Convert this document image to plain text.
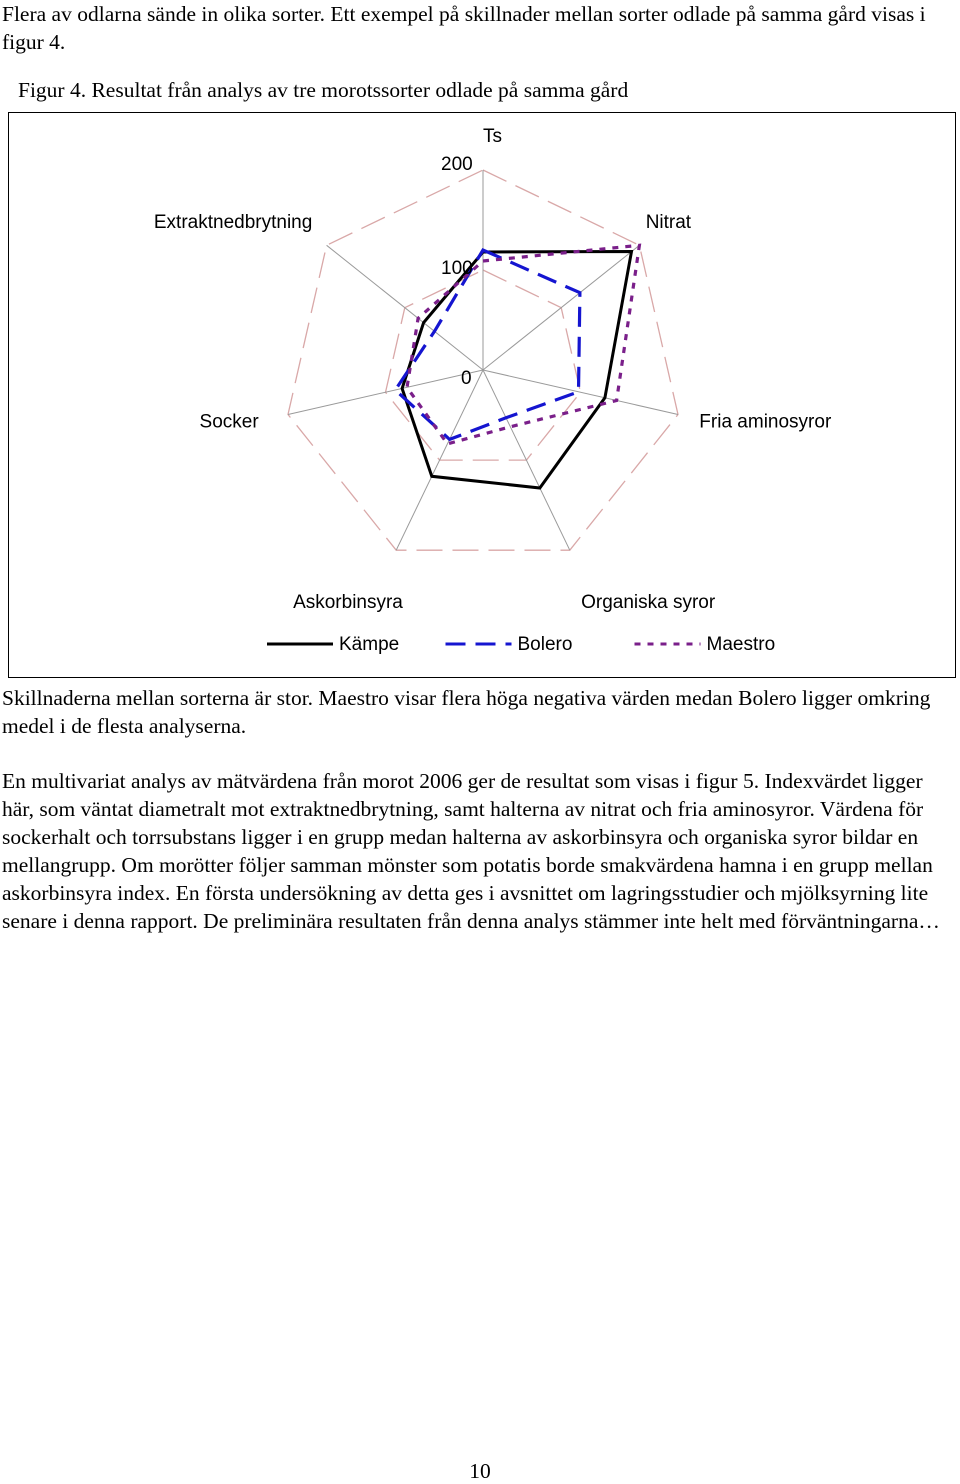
Flera av odlarna sände in olika sorter. Ett exempel på skillnader mellan sorter odlade på samma gård visas i figur 4.

Figur 4. Resultat från analys av tre morotssorter odlade på samma gård

0
100
200
Ts
Nitrat
Fria aminosyror
Organiska syror
Askorbinsyra
Socker
Extraktnedbrytning
Kämpe	Bolero	Maestro

Skillnaderna mellan sorterna är stor. Maestro visar flera höga negativa värden medan Bolero ligger omkring medel i de flesta analyserna.

En multivariat analys av mätvärdena från morot 2006 ger de resultat som visas i figur 5. Indexvärdet ligger här, som väntat diametralt mot extraktnedbrytning, samt halterna av nitrat och fria aminosyror. Värdena för sockerhalt och torrsubstans ligger i en grupp medan halterna av askorbinsyra och organiska syror bildar en mellangrupp. Om morötter följer samman mönster som potatis borde smakvärdena hamna i en grupp mellan askorbinsyra index. En första undersökning av detta ges i avsnittet om lagringsstudier och mjölksyrning lite senare i denna rapport. De preliminära resultaten från denna analys stämmer inte helt med förväntningarna…

10
